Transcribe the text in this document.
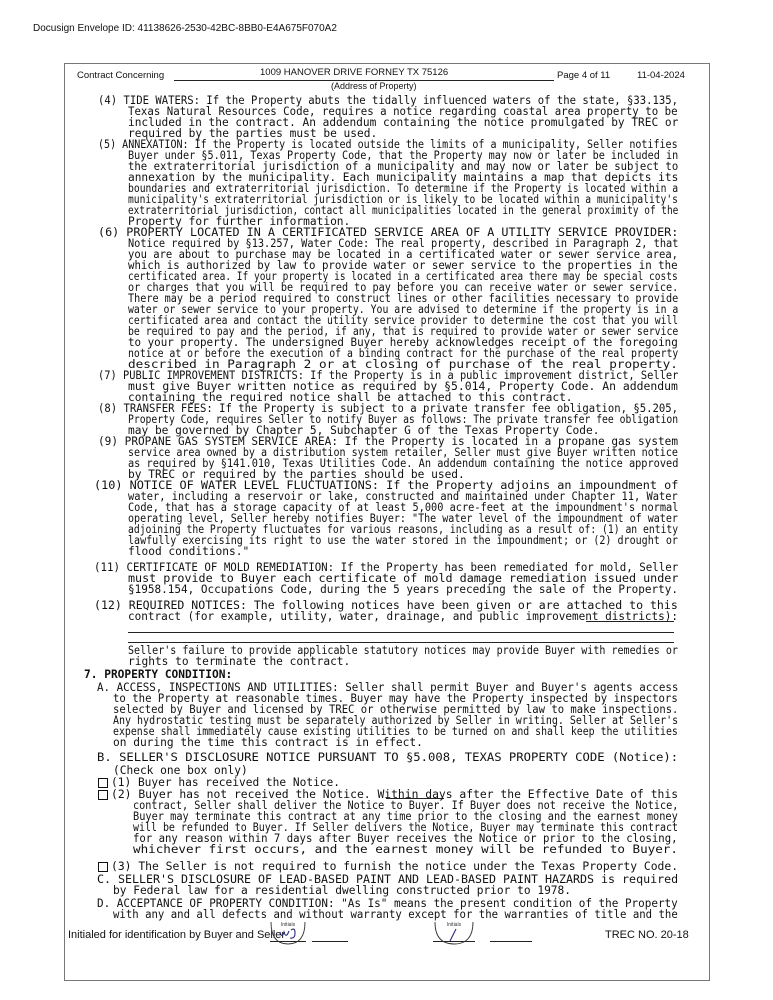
Docusign Envelope ID: 41138626-2530-42BC-8BB0-E4A675F070A2
Contract Concerning	1009 HANOVER DRIVE FORNEY TX 75126	Page 4 of 11	11-04-2024
(Address of Property)
(4) TIDE WATERS: If the Property abuts the tidally influenced waters of the state, §33.135,
Texas Natural Resources Code, requires a notice regarding coastal area property to be
included in the contract. An addendum containing the notice promulgated by TREC or
required by the parties must be used.
(5) ANNEXATION: If the Property is located outside the limits of a municipality, Seller notifies
Buyer under §5.011, Texas Property Code, that the Property may now or later be included in
the extraterritorial jurisdiction of a municipality and may now or later be subject to
annexation by the municipality. Each municipality maintains a map that depicts its
boundaries and extraterritorial jurisdiction. To determine if the Property is located within a
municipality's extraterritorial jurisdiction or is likely to be located within a municipality's
extraterritorial jurisdiction, contact all municipalities located in the general proximity of the
Property for further information.
(6) PROPERTY LOCATED IN A CERTIFICATED SERVICE AREA OF A UTILITY SERVICE PROVIDER:
Notice required by §13.257, Water Code: The real property, described in Paragraph 2, that
you are about to purchase may be located in a certificated water or sewer service area,
which is authorized by law to provide water or sewer service to the properties in the
certificated area. If your property is located in a certificated area there may be special costs
or charges that you will be required to pay before you can receive water or sewer service.
There may be a period required to construct lines or other facilities necessary to provide
water or sewer service to your property. You are advised to determine if the property is in a
certificated area and contact the utility service provider to determine the cost that you will
be required to pay and the period, if any, that is required to provide water or sewer service
to your property. The undersigned Buyer hereby acknowledges receipt of the foregoing
notice at or before the execution of a binding contract for the purchase of the real property
described in Paragraph 2 or at closing of purchase of the real property.
(7) PUBLIC IMPROVEMENT DISTRICTS: If the Property is in a public improvement district, Seller
must give Buyer written notice as required by §5.014, Property Code. An addendum
containing the required notice shall be attached to this contract.
(8) TRANSFER FEES: If the Property is subject to a private transfer fee obligation, §5.205,
Property Code, requires Seller to notify Buyer as follows: The private transfer fee obligation
may be governed by Chapter 5, Subchapter G of the Texas Property Code.
(9) PROPANE GAS SYSTEM SERVICE AREA: If the Property is located in a propane gas system
service area owned by a distribution system retailer, Seller must give Buyer written notice
as required by §141.010, Texas Utilities Code. An addendum containing the notice approved
by TREC or required by the parties should be used.
(10) NOTICE OF WATER LEVEL FLUCTUATIONS: If the Property adjoins an impoundment of
water, including a reservoir or lake, constructed and maintained under Chapter 11, Water
Code, that has a storage capacity of at least 5,000 acre-feet at the impoundment's normal
operating level, Seller hereby notifies Buyer: "The water level of the impoundment of water
adjoining the Property fluctuates for various reasons, including as a result of: (1) an entity
lawfully exercising its right to use the water stored in the impoundment; or (2) drought or
flood conditions."
(11) CERTIFICATE OF MOLD REMEDIATION: If the Property has been remediated for mold, Seller
must provide to Buyer each certificate of mold damage remediation issued under
§1958.154, Occupations Code, during the 5 years preceding the sale of the Property.
(12) REQUIRED NOTICES: The following notices have been given or are attached to this
contract (for example, utility, water, drainage, and public improvement districts):
Seller's failure to provide applicable statutory notices may provide Buyer with remedies or
rights to terminate the contract.
7. PROPERTY CONDITION:
A. ACCESS, INSPECTIONS AND UTILITIES: Seller shall permit Buyer and Buyer's agents access
to the Property at reasonable times. Buyer may have the Property inspected by inspectors
selected by Buyer and licensed by TREC or otherwise permitted by law to make inspections.
Any hydrostatic testing must be separately authorized by Seller in writing. Seller at Seller's
expense shall immediately cause existing utilities to be turned on and shall keep the utilities
on during the time this contract is in effect.
B. SELLER'S DISCLOSURE NOTICE PURSUANT TO §5.008, TEXAS PROPERTY CODE (Notice):
(Check one box only)
(1) Buyer has received the Notice.
(2) Buyer has not received the Notice. Within days after the Effective Date of this
contract, Seller shall deliver the Notice to Buyer. If Buyer does not receive the Notice,
Buyer may terminate this contract at any time prior to the closing and the earnest money
will be refunded to Buyer. If Seller delivers the Notice, Buyer may terminate this contract
for any reason within 7 days after Buyer receives the Notice or prior to the closing,
whichever first occurs, and the earnest money will be refunded to Buyer.
(3) The Seller is not required to furnish the notice under the Texas Property Code.
C. SELLER'S DISCLOSURE OF LEAD-BASED PAINT AND LEAD-BASED PAINT HAZARDS is required
by Federal law for a residential dwelling constructed prior to 1978.
D. ACCEPTANCE OF PROPERTY CONDITION: "As Is" means the present condition of the Property
with any and all defects and without warranty except for the warranties of title and the
Initialed for identification by Buyer and Seller	TREC NO. 20-18
Initials	Initials
